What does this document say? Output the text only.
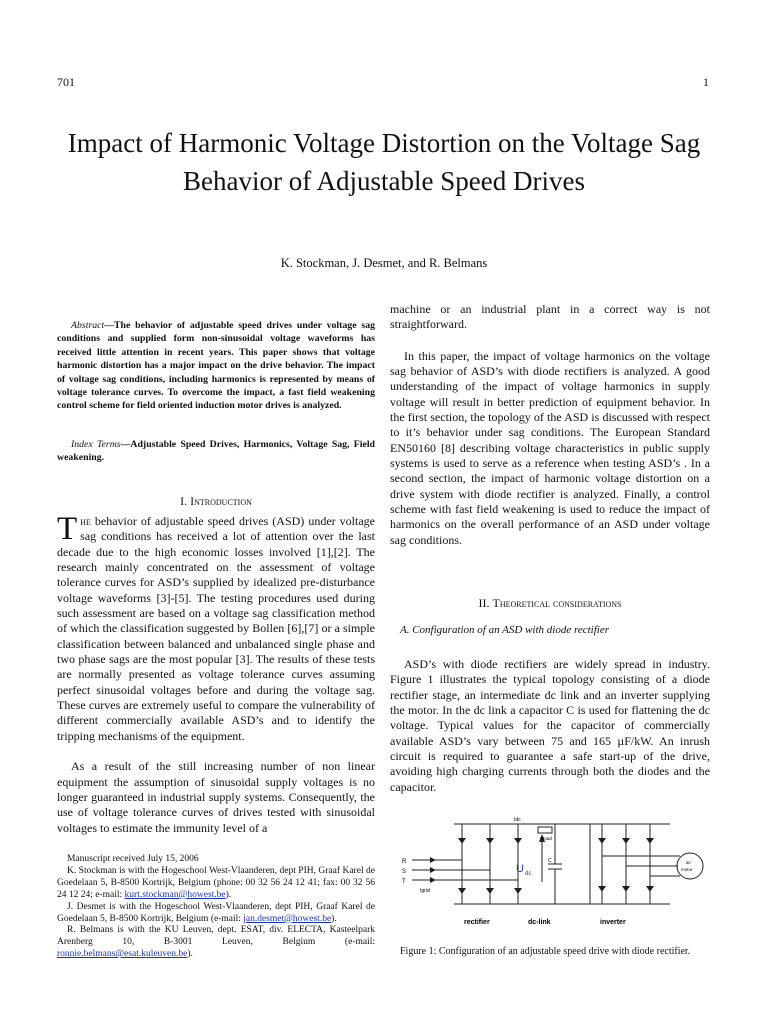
701	1
Impact of Harmonic Voltage Distortion on the Voltage Sag Behavior of Adjustable Speed Drives
K. Stockman, J. Desmet, and R. Belmans
Abstract—The behavior of adjustable speed drives under voltage sag conditions and supplied form non-sinusoidal voltage waveforms has received little attention in recent years. This paper shows that voltage harmonic distortion has a major impact on the drive behavior. The impact of voltage sag conditions, including harmonics is represented by means of voltage tolerance curves. To overcome the impact, a fast field weakening control scheme for field oriented induction motor drives is analyzed.
Index Terms—Adjustable Speed Drives, Harmonics, Voltage Sag, Field weakening.
I. Introduction

The behavior of adjustable speed drives (ASD) under voltage sag conditions has received a lot of attention over the last decade due to the high economic losses involved [1],[2]. The research mainly concentrated on the assessment of voltage tolerance curves for ASD’s supplied by idealized pre-disturbance voltage waveforms [3]-[5]. The testing procedures used during such assessment are based on a voltage sag classification method of which the classification suggested by Bollen [6],[7] or a simple classification between balanced and unbalanced single phase and two phase sags are the most popular [3]. The results of these tests are normally presented as voltage tolerance curves assuming perfect sinusoidal voltages before and during the voltage sag. These curves are extremely useful to compare the vulnerability of different commercially available ASD’s and to identify the tripping mechanisms of the equipment.

As a result of the still increasing number of non linear equipment the assumption of sinusoidal supply voltages is no longer guaranteed in industrial supply systems. Consequently, the use of voltage tolerance curves of drives tested with sinusoidal voltages to estimate the immunity level of a

Manuscript received July 15, 2006

K. Stockman is with the Hogeschool West-Vlaanderen, dept PIH, Graaf Karel de Goedelaan 5, B-8500 Kortrijk, Belgium (phone: 00 32 56 24 12 41; fax: 00 32 56 24 12 24; e-mail: kurt.stockman@howest.be).

J. Desmet is with the Hogeschool West-Vlaanderen, dept PIH, Graaf Karel de Goedelaan 5, B-8500 Kortrijk, Belgium (e-mail: jan.desmet@howest.be).

R. Belmans is with the KU Leuven, dept. ESAT, div. ELECTA, Kasteelpark Arenberg 10, B-3001 Leuven, Belgium (e-mail: ronnie.belmans@esat.kuleuven.be).

machine or an industrial plant in a correct way is not straightforward.

In this paper, the impact of voltage harmonics on the voltage sag behavior of ASD’s with diode rectifiers is analyzed. A good understanding of the impact of voltage harmonics in supply voltage will result in better prediction of equipment behavior. In the first section, the topology of the ASD is discussed with respect to it’s behavior under sag conditions. The European Standard EN50160 [8] describing voltage characteristics in public supply systems is used to serve as a reference when testing ASD’s . In a second section, the impact of harmonic voltage distortion on a drive system with diode rectifier is analyzed. Finally, a control scheme with fast field weakening is used to reduce the impact of harmonics on the overall performance of an ASD under voltage sag conditions.

II. Theoretical considerations
A. Configuration of an ASD with diode rectifier

ASD’s with diode rectifiers are widely spread in industry. Figure 1 illustrates the typical topology consisting of a diode rectifier stage, an intermediate dc link and an inverter supplying the motor. In the dc link a capacitor C is used for flattening the dc voltage. Typical values for the capacitor of commercially available ASD’s vary between 75 and 165 µF/kW. An inrush circuit is required to guarantee a safe start-up of the drive, avoiding high charging currents through both the diodes and the capacitor.

R
S
T
Igrid
Idc
Rload
U dc
C	ac
motor
rectifier	dc-link	inverter
Figure 1: Configuration of an adjustable speed drive with diode rectifier.
